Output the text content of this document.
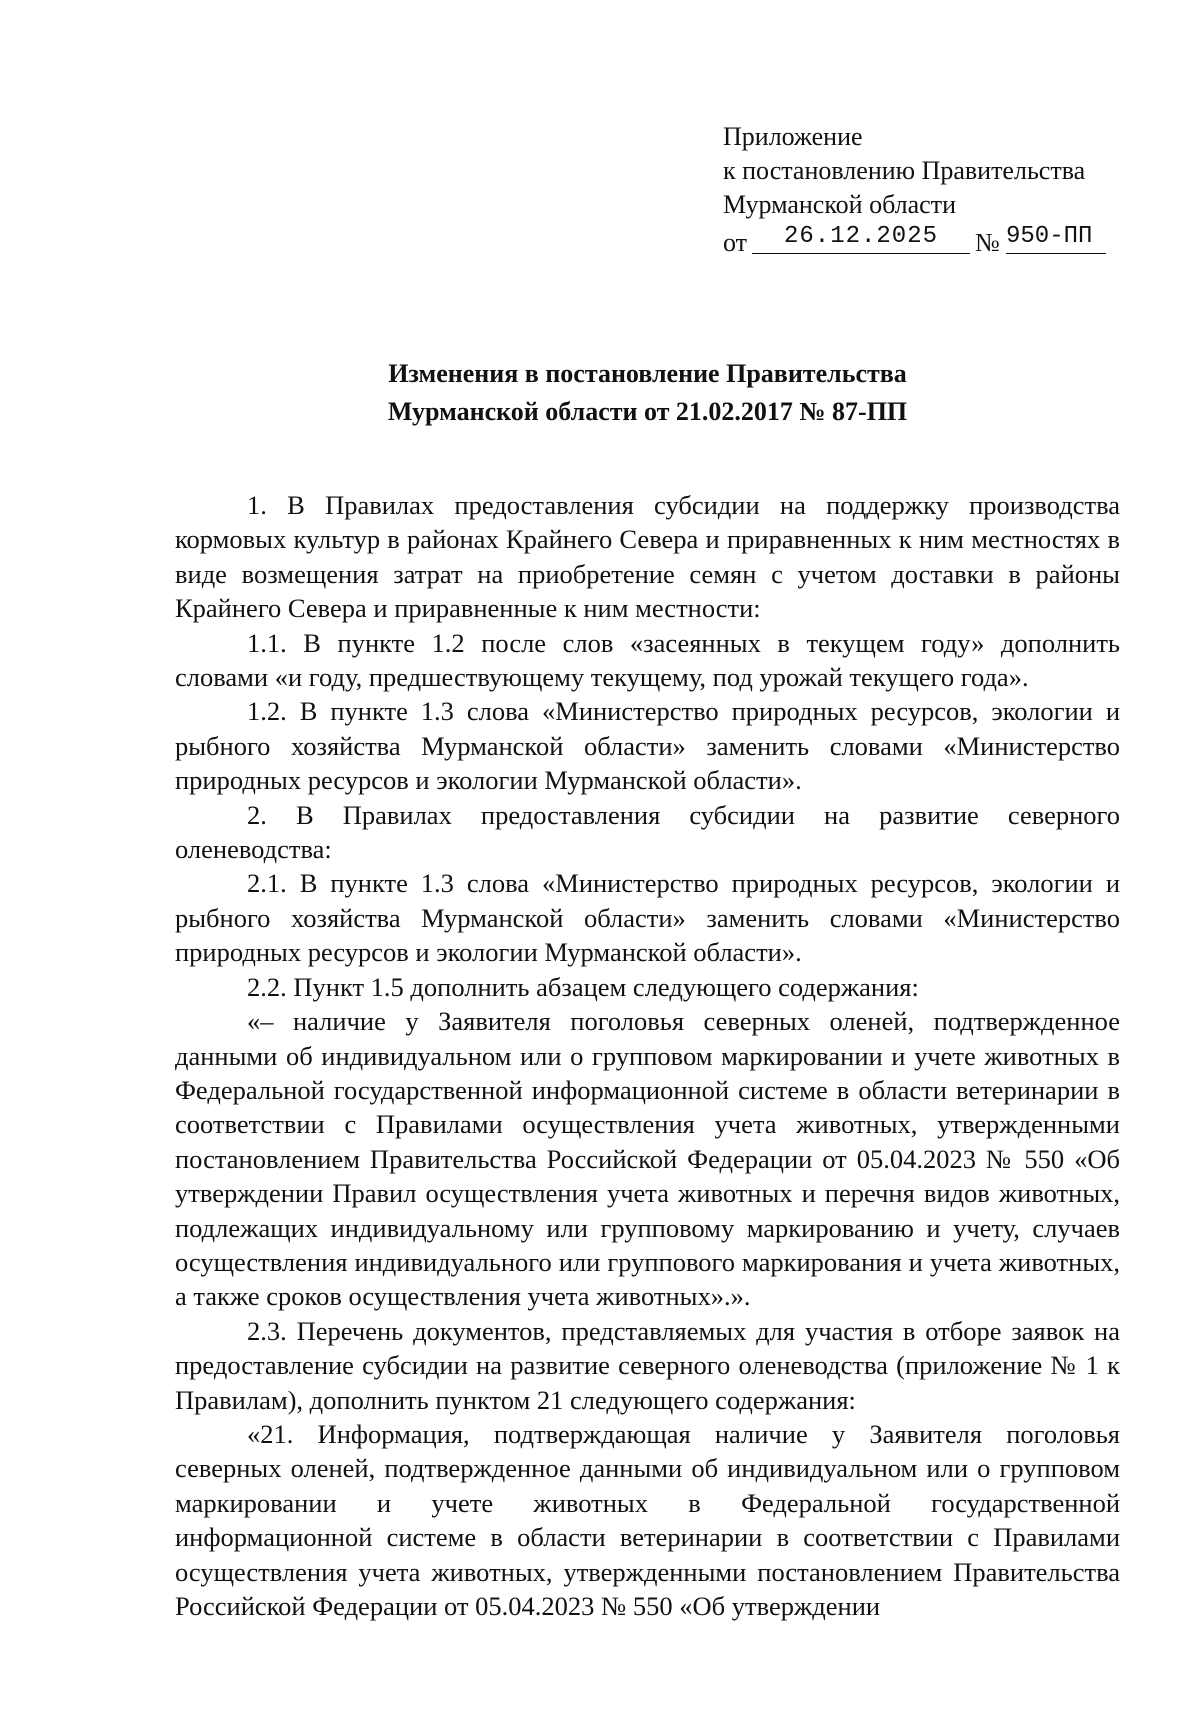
Приложение
к постановлению Правительства
Мурманской области
от	26.12.2025	№ 950-ПП
Изменения в постановление Правительства
Мурманской области от 21.02.2017 № 87-ПП

1. В Правилах предоставления субсидии на поддержку производства кормовых культур в районах Крайнего Севера и приравненных к ним местностях в виде возмещения затрат на приобретение семян с учетом доставки в районы Крайнего Севера и приравненные к ним местности:

1.1. В пункте 1.2 после слов «засеянных в текущем году» дополнить словами «и году, предшествующему текущему, под урожай текущего года».

1.2. В пункте 1.3 слова «Министерство природных ресурсов, экологии и рыбного хозяйства Мурманской области» заменить словами «Министерство природных ресурсов и экологии Мурманской области».

2. В Правилах предоставления субсидии на развитие северного оленеводства:

2.1. В пункте 1.3 слова «Министерство природных ресурсов, экологии и рыбного хозяйства Мурманской области» заменить словами «Министерство природных ресурсов и экологии Мурманской области».

2.2. Пункт 1.5 дополнить абзацем следующего содержания:

«– наличие у Заявителя поголовья северных оленей, подтвержденное данными об индивидуальном или о групповом маркировании и учете животных в Федеральной государственной информационной системе в области ветеринарии в соответствии с Правилами осуществления учета животных, утвержденными постановлением Правительства Российской Федерации от 05.04.2023 № 550 «Об утверждении Правил осуществления учета животных и перечня видов животных, подлежащих индивидуальному или групповому маркированию и учету, случаев осуществления индивидуального или группового маркирования и учета животных, а также сроков осуществления учета животных».».

2.3. Перечень документов, представляемых для участия в отборе заявок на предоставление субсидии на развитие северного оленеводства (приложение № 1 к Правилам), дополнить пунктом 21 следующего содержания:

«21. Информация, подтверждающая наличие у Заявителя поголовья северных оленей, подтвержденное данными об индивидуальном или о групповом маркировании и учете животных в Федеральной государственной информационной системе в области ветеринарии в соответствии с Правилами осуществления учета животных, утвержденными постановлением Правительства Российской Федерации от 05.04.2023 № 550 «Об утверждении
